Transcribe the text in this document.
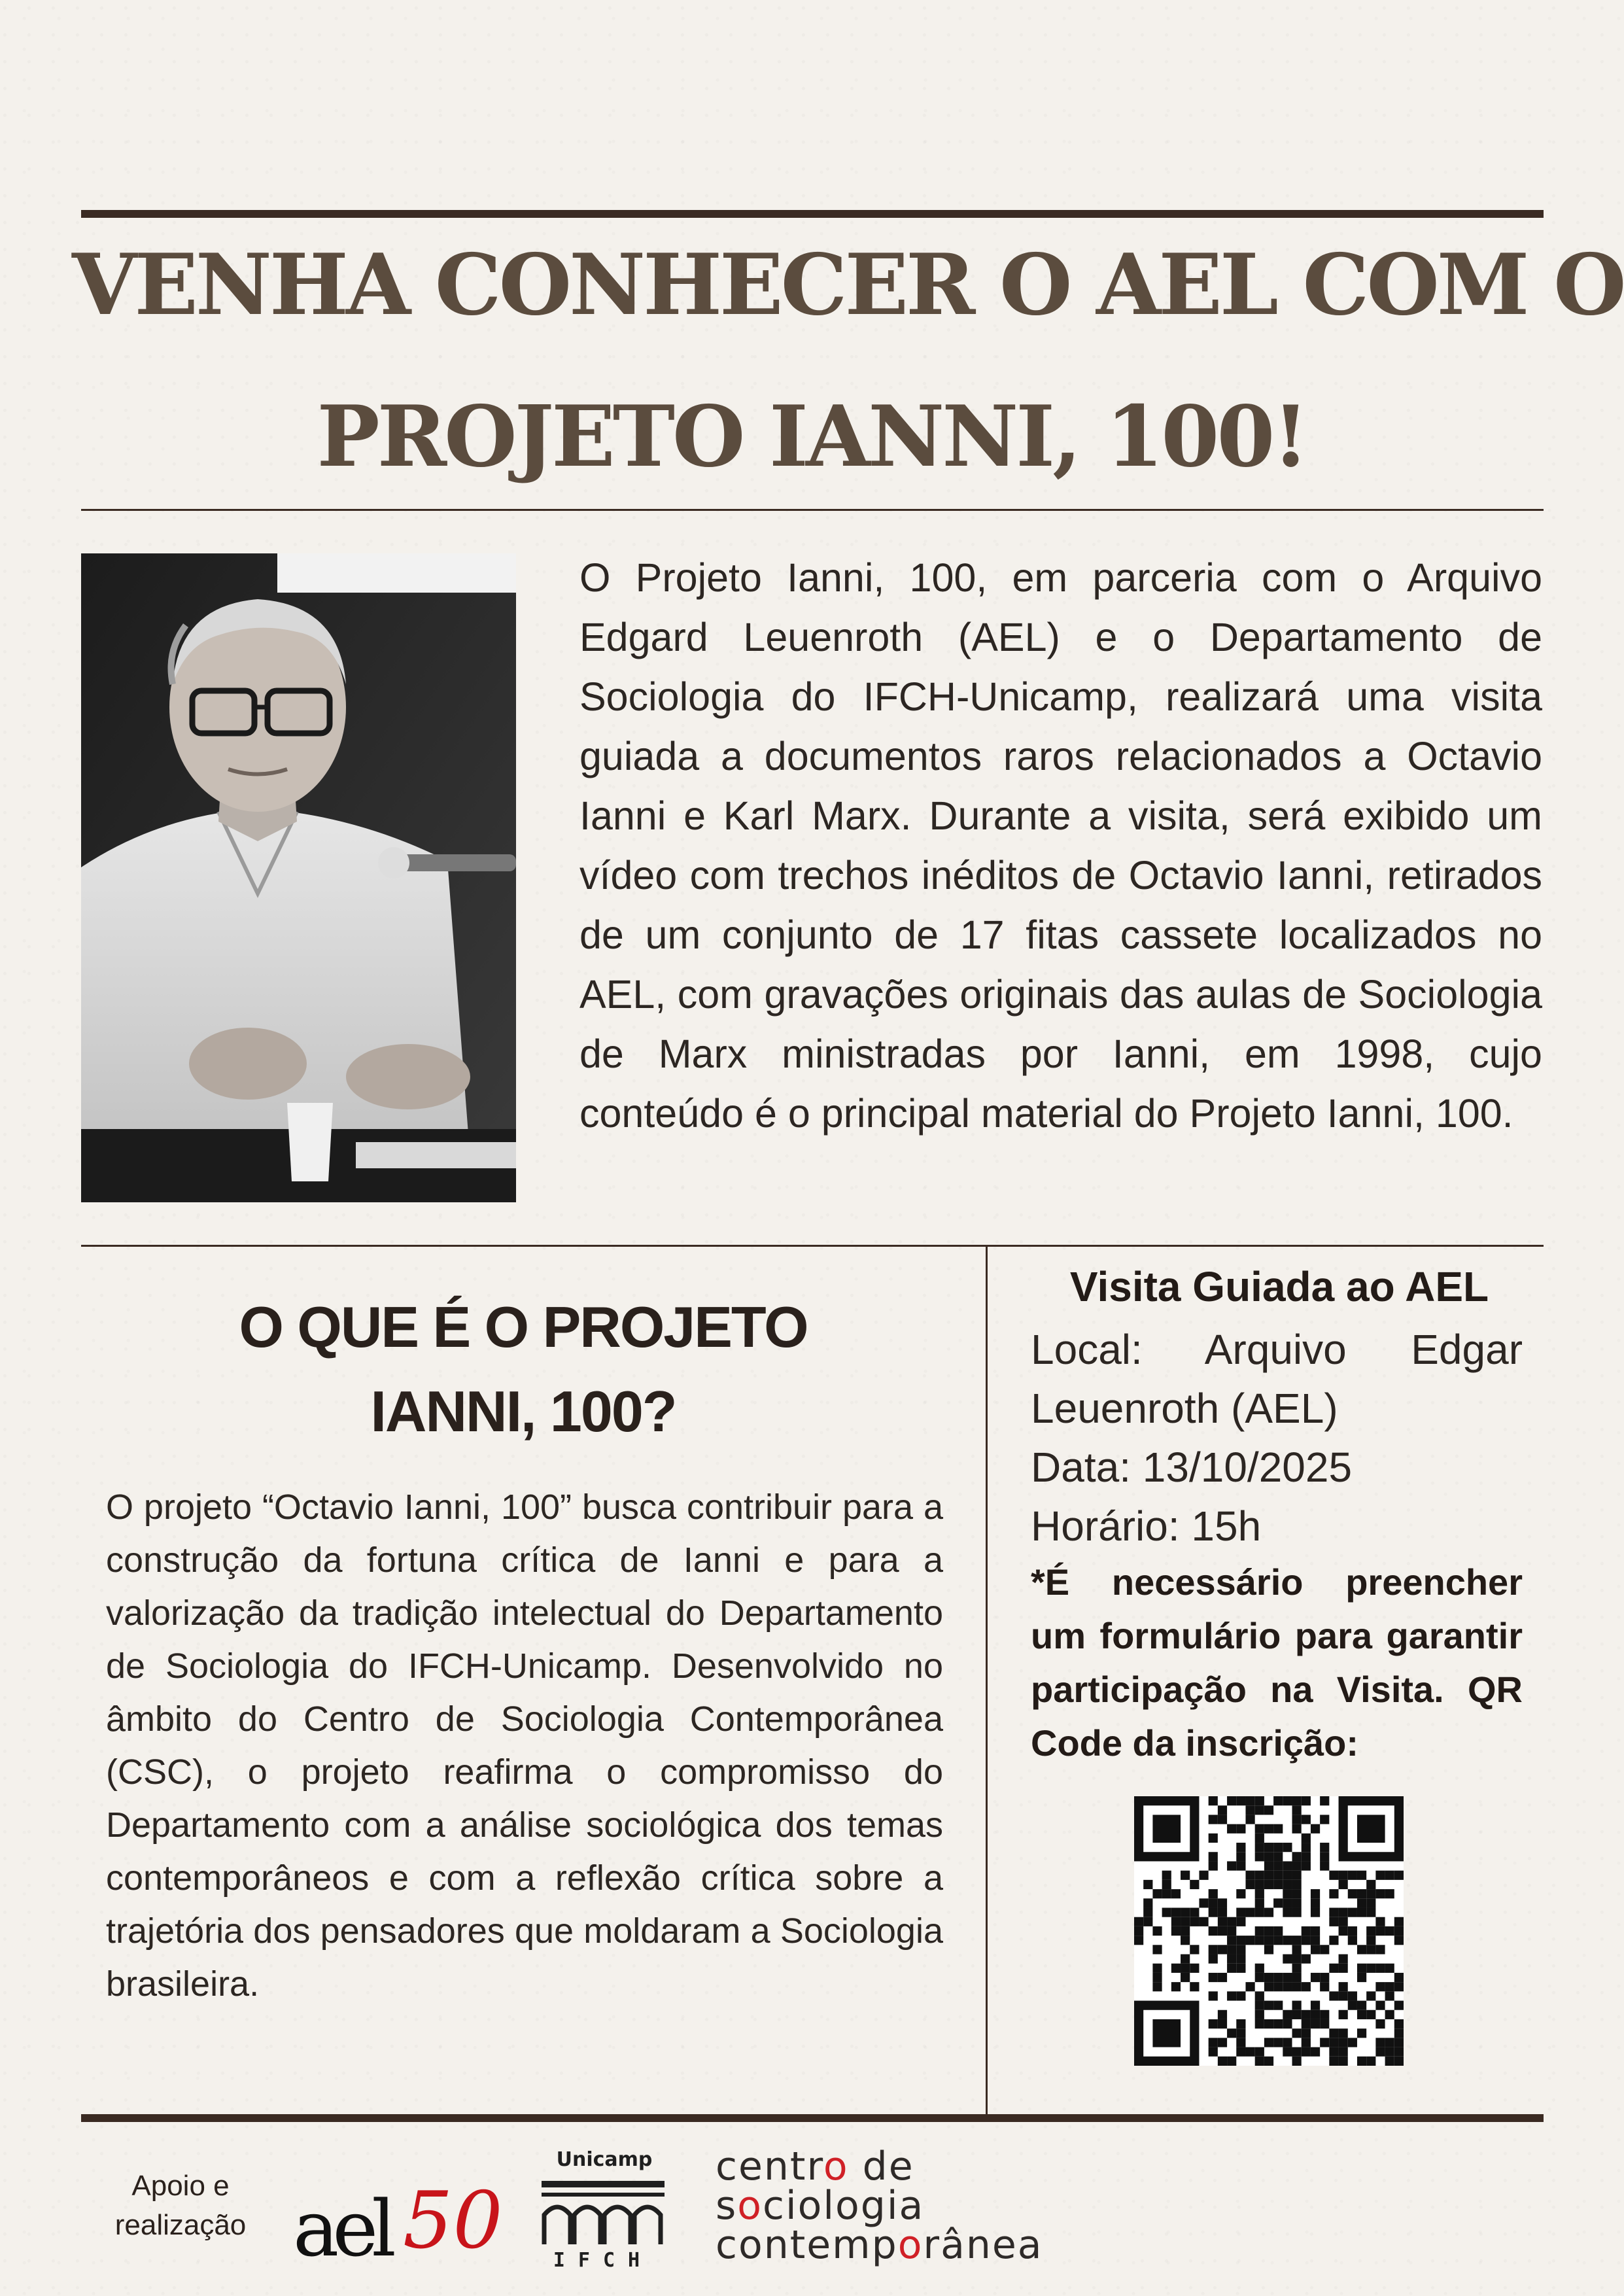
VENHA CONHECER O AEL COM O
PROJETO IANNI, 100!
O Projeto Ianni, 100, em parceria com o Arquivo Edgard Leuenroth (AEL) e o Departamento de Sociologia do IFCH-Unicamp, realizará uma visita guiada a documentos raros relacionados a Octavio Ianni e Karl Marx. Durante a visita, será exibido um vídeo com trechos inéditos de Octavio Ianni, retirados de um conjunto de 17 fitas cassete localizados no AEL, com gravações originais das aulas de Sociologia de Marx ministradas por Ianni, em 1998, cujo conteúdo é o principal material do Projeto Ianni, 100.
O QUE É O PROJETO
IANNI, 100?
O projeto “Octavio Ianni, 100” busca contribuir para a construção da fortuna crítica de Ianni e para a valorização da tradição intelectual do Departamento de Sociologia do IFCH-Unicamp. Desenvolvido no âmbito do Centro de Sociologia Contemporânea (CSC), o projeto reafirma o compromisso do Departamento com a análise sociológica dos temas contemporâneos e com a reflexão crítica sobre a trajetória dos pensadores que moldaram a Sociologia brasileira.
Visita Guiada ao AEL
Local: Arquivo Edgar
Leuenroth (AEL)
Data: 13/10/2025
Horário: 15h
*É necessário preencher um formulário para garantir participação na Visita. QR Code da inscrição:
Apoio e
realização ael 50
Unicamp
IFCH
centro de
sociologia
contemporânea
